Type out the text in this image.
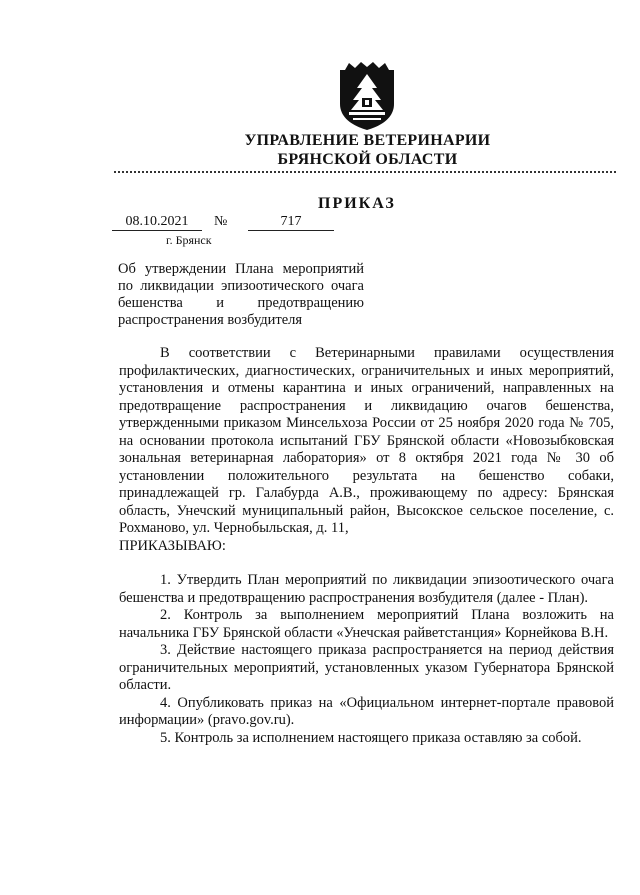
УПРАВЛЕНИЕ ВЕТЕРИНАРИИ
БРЯНСКОЙ ОБЛАСТИ
ПРИКАЗ
08.10.2021	№	717
г. Брянск
Об утверждении Плана мероприятий по ликвидации эпизоотического очага бешенства и предотвращению распространения возбудителя

В соответствии с Ветеринарными правилами осуществления профилактических, диагностических, ограничительных и иных мероприятий, установления и отмены карантина и иных ограничений, направленных на предотвращение распространения и ликвидацию очагов бешенства, утвержденными приказом Минсельхоза России от 25 ноября 2020 года № 705, на основании протокола испытаний ГБУ Брянской области «Новозыбковская зональная ветеринарная лаборатория» от 8 октября 2021 года № 30 об установлении положительного результата на бешенство собаки, принадлежащей гр. Галабурда А.В., проживающему по адресу: Брянская область, Унечский муниципальный район, Высокское сельское поселение, с. Рохманово, ул. Чернобыльская, д. 11,

ПРИКАЗЫВАЮ:

1. Утвердить План мероприятий по ликвидации эпизоотического очага бешенства и предотвращению распространения возбудителя (далее - План).

2. Контроль за выполнением мероприятий Плана возложить на начальника ГБУ Брянской области «Унечская райветстанция» Корнейкова В.Н.

3. Действие настоящего приказа распространяется на период действия ограничительных мероприятий, установленных указом Губернатора Брянской области.

4. Опубликовать приказ на «Официальном интернет-портале правовой информации» (pravo.gov.ru).

5. Контроль за исполнением настоящего приказа оставляю за собой.
